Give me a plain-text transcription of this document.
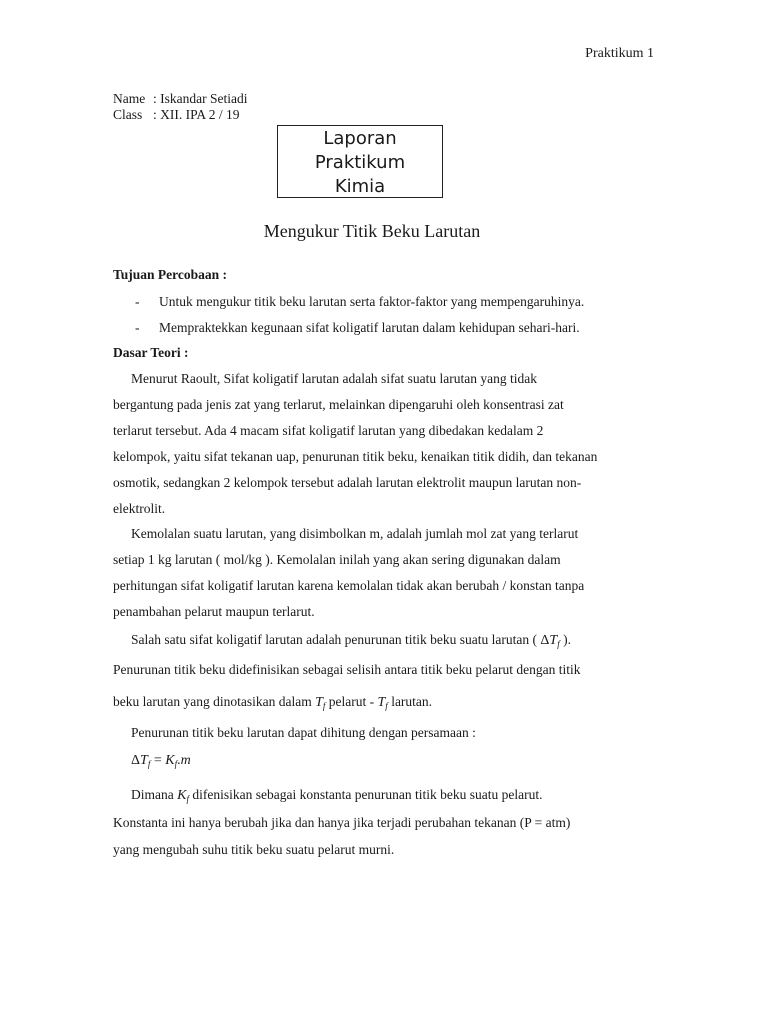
Praktikum 1
Name : Iskandar Setiadi
Class : XII. IPA 2 / 19
Laporan
Praktikum
Kimia
Mengukur Titik Beku Larutan
Tujuan Percobaan :
- Untuk mengukur titik beku larutan serta faktor-faktor yang mempengaruhinya.
- Mempraktekkan kegunaan sifat koligatif larutan dalam kehidupan sehari-hari.
Dasar Teori :
Menurut Raoult, Sifat koligatif larutan adalah sifat suatu larutan yang tidak
bergantung pada jenis zat yang terlarut, melainkan dipengaruhi oleh konsentrasi zat
terlarut tersebut. Ada 4 macam sifat koligatif larutan yang dibedakan kedalam 2
kelompok, yaitu sifat tekanan uap, penurunan titik beku, kenaikan titik didih, dan tekanan
osmotik, sedangkan 2 kelompok tersebut adalah larutan elektrolit maupun larutan non-
elektrolit.
Kemolalan suatu larutan, yang disimbolkan m, adalah jumlah mol zat yang terlarut
setiap 1 kg larutan ( mol/kg ). Kemolalan inilah yang akan sering digunakan dalam
perhitungan sifat koligatif larutan karena kemolalan tidak akan berubah / konstan tanpa
penambahan pelarut maupun terlarut.
Salah satu sifat koligatif larutan adalah penurunan titik beku suatu larutan ( $\Delta T_f$ ).
Penurunan titik beku didefinisikan sebagai selisih antara titik beku pelarut dengan titik
beku larutan yang dinotasikan dalam $T_f$ pelarut - $T_f$ larutan.
Penurunan titik beku larutan dapat dihitung dengan persamaan :
$\Delta T_f = K_f.m$
Dimana $K_f$ difenisikan sebagai konstanta penurunan titik beku suatu pelarut.
Konstanta ini hanya berubah jika dan hanya jika terjadi perubahan tekanan (P = atm)
yang mengubah suhu titik beku suatu pelarut murni.
